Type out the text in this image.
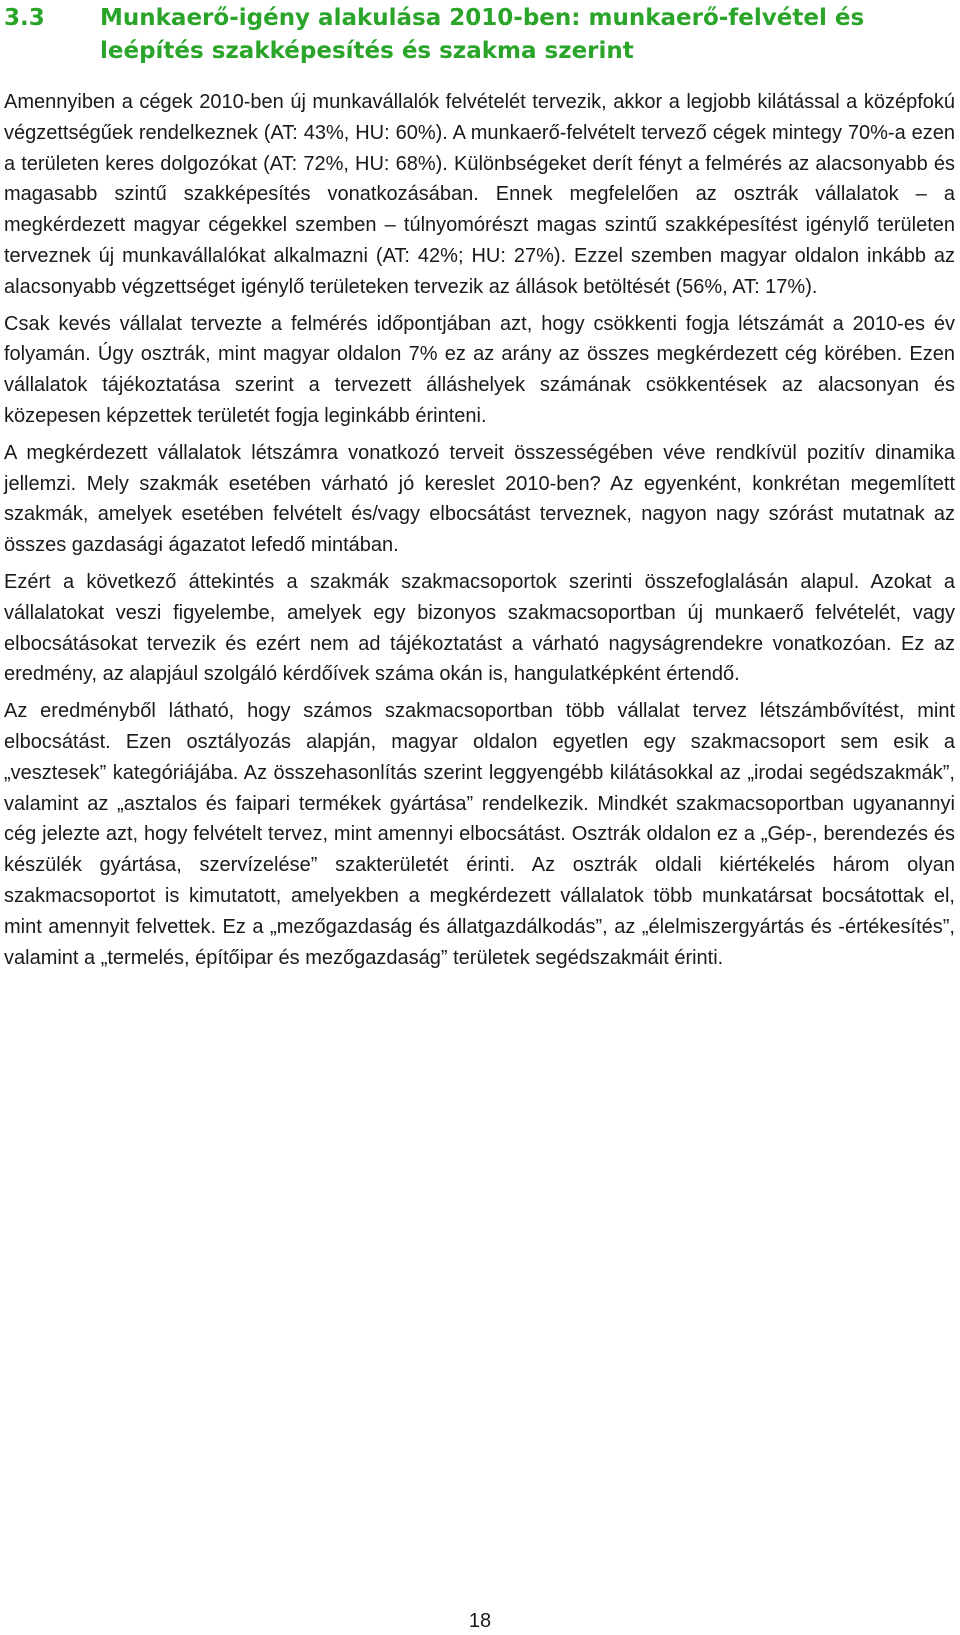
3.3 Munkaerő-igény alakulása 2010-ben: munkaerő-felvétel és leépítés szakképesítés és szakma szerint

Amennyiben a cégek 2010-ben új munkavállalók felvételét tervezik, akkor a legjobb kilátással a középfokú végzettségűek rendelkeznek (AT: 43%, HU: 60%). A munkaerő-felvételt tervező cégek mintegy 70%-a ezen a területen keres dolgozókat (AT: 72%, HU: 68%). Különbségeket derít fényt a felmérés az alacsonyabb és magasabb szintű szakképesítés vonatkozásában. Ennek megfelelően az osztrák vállalatok – a megkérdezett magyar cégekkel szemben – túlnyomórészt magas szintű szakképesítést igénylő területen terveznek új munkavállalókat alkalmazni (AT: 42%; HU: 27%). Ezzel szemben magyar oldalon inkább az alacsonyabb végzettséget igénylő területeken tervezik az állások betöltését (56%, AT: 17%).

Csak kevés vállalat tervezte a felmérés időpontjában azt, hogy csökkenti fogja létszámát a 2010-es év folyamán. Úgy osztrák, mint magyar oldalon 7% ez az arány az összes megkérdezett cég körében. Ezen vállalatok tájékoztatása szerint a tervezett álláshelyek számának csökkentések az alacsonyan és közepesen képzettek területét fogja leginkább érinteni.

A megkérdezett vállalatok létszámra vonatkozó terveit összességében véve rendkívül pozitív dinamika jellemzi. Mely szakmák esetében várható jó kereslet 2010-ben? Az egyenként, konkrétan megemlített szakmák, amelyek esetében felvételt és/vagy elbocsátást terveznek, nagyon nagy szórást mutatnak az összes gazdasági ágazatot lefedő mintában.

Ezért a következő áttekintés a szakmák szakmacsoportok szerinti összefoglalásán alapul. Azokat a vállalatokat veszi figyelembe, amelyek egy bizonyos szakmacsoportban új munkaerő felvételét, vagy elbocsátásokat tervezik és ezért nem ad tájékoztatást a várható nagyságrendekre vonatkozóan. Ez az eredmény, az alapjául szolgáló kérdőívek száma okán is, hangulatképként értendő.

Az eredményből látható, hogy számos szakmacsoportban több vállalat tervez létszámbővítést, mint elbocsátást. Ezen osztályozás alapján, magyar oldalon egyetlen egy szakmacsoport sem esik a „vesztesek” kategóriájába. Az összehasonlítás szerint leggyengébb kilátásokkal az „irodai segédszakmák”, valamint az „asztalos és faipari termékek gyártása” rendelkezik. Mindkét szakmacsoportban ugyanannyi cég jelezte azt, hogy felvételt tervez, mint amennyi elbocsátást. Osztrák oldalon ez a „Gép-, berendezés és készülék gyártása, szervízelése” szakterületét érinti. Az osztrák oldali kiértékelés három olyan szakmacsoportot is kimutatott, amelyekben a megkérdezett vállalatok több munkatársat bocsátottak el, mint amennyit felvettek. Ez a „mezőgazdaság és állatgazdálkodás”, az „élelmiszergyártás és -értékesítés”, valamint a „termelés, építőipar és mezőgazdaság” területek segédszakmáit érinti.

18
